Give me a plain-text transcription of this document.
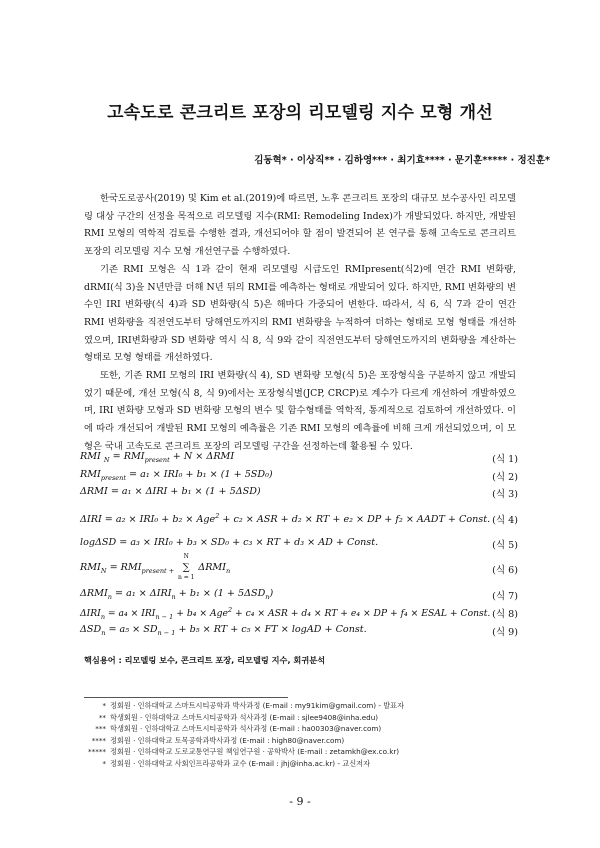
고속도로 콘크리트 포장의 리모델링 지수 모형 개선
김동혁* · 이상직** · 김하영*** · 최기효**** · 문기훈***** · 정진훈*

한국도로공사(2019) 및 Kim et al.(2019)에 따르면, 노후 콘크리트 포장의 대규모 보수공사인 리모델링 대상 구간의 선정을 목적으로 리모델링 지수(RMI: Remodeling Index)가 개발되었다. 하지만, 개발된 RMI 모형의 역학적 검토를 수행한 결과, 개선되어야 할 점이 발견되어 본 연구를 통해 고속도로 콘크리트 포장의 리모델링 지수 모형 개선연구를 수행하였다.

기존 RMI 모형은 식 1과 같이 현재 리모델링 시급도인 RMIpresent(식2)에 연간 RMI 변화량, dRMI(식 3)을 N년만큼 더해 N년 뒤의 RMI를 예측하는 형태로 개발되어 있다. 하지만, RMI 변화량의 변수인 IRI 변화량(식 4)과 SD 변화량(식 5)은 해마다 가중되어 변한다. 따라서, 식 6, 식 7과 같이 연간 RMI 변화량을 직전연도부터 당해연도까지의 RMI 변화량을 누적하여 더하는 형태로 모형 형태를 개선하였으며, IRI변화량과 SD 변화량 역시 식 8, 식 9와 같이 직전연도부터 당해연도까지의 변화량을 계산하는 형태로 모형 형태를 개선하였다.

또한, 기존 RMI 모형의 IRI 변화량(식 4), SD 변화량 모형(식 5)은 포장형식을 구분하지 않고 개발되었기 때문에, 개선 모형(식 8, 식 9)에서는 포장형식별(JCP, CRCP)로 계수가 다르게 개선하여 개발하였으며, IRI 변화량 모형과 SD 변화량 모형의 변수 및 함수형태를 역학적, 통계적으로 검토하여 개선하였다. 이에 따라 개선되어 개발된 RMI 모형의 예측률은 기존 RMI 모형의 예측률에 비해 크게 개선되었으며, 이 모형은 국내 고속도로 콘크리트 포장의 리모델링 구간을 선정하는데 활용될 수 있다.

RMI $_N = RMI_{present} + N \times \Delta RMI$	(식 1)
$RMI_{present} = a_1 \times IRI_0 + b_1 \times (1 + 5SD_0)$	(식 2)
ΔRMI = a₁ × ΔIRI + b₁ × (1 + 5ΔSD)	(식 3)
ΔIRI = a₂ × IRI₀ + b₂ × Age$^2$ + c₂ × ASR + d₂ × RT + e₂ × DP + f₂ × AADT + Const. (식 4)
logΔSD = a₃ × IRI₀ + b₃ × SD₀ + c₃ × RT + d₃ × AD + Const.	(식 5)
$RMI_N = RMI_{present +}$
N
∑
n = 1
$\Delta RMI_n$	(식 6)
$\Delta RMI_n = a_1 \times \Delta IRI_n + b_1 \times (1 + 5\Delta SD_n)$	(식 7)
$\Delta IRI_n = a_4 \times IRI_{n - 1} + b_4 \times Age^2 + c_4$ × ASR + d₄ × RT + e₄ × DP + f₄ × ESAL + Const. (식 8)
$\Delta SD_n = a_5 \times SD_{n - 1} + b_5$ × RT + c₅ × FT × logAD + Const.	(식 9)
핵심용어 : 리모델링 보수, 콘크리트 포장, 리모델링 지수, 회귀분석
* 정회원 · 인하대학교 스마트시티공학과 박사과정 (E-mail : my91kim@gmail.com) - 발표자
** 학생회원 · 인하대학교 스마트시티공학과 석사과정 (E-mail : sjlee9408@inha.edu)
*** 학생회원 · 인하대학교 스마트시티공학과 석사과정 (E-mail : ha00303@naver.com)
**** 정회원 · 인하대학교 토목공학과박사과정 (E-mail : high80@naver.com)
***** 정회원 · 인하대학교 도로교통연구원 책임연구원 · 공학박사 (E-mail : zetamkh@ex.co.kr)
* 정회원 · 인하대학교 사회인프라공학과 교수 (E-mail : jhj@inha.ac.kr) - 교신저자
- 9 -
